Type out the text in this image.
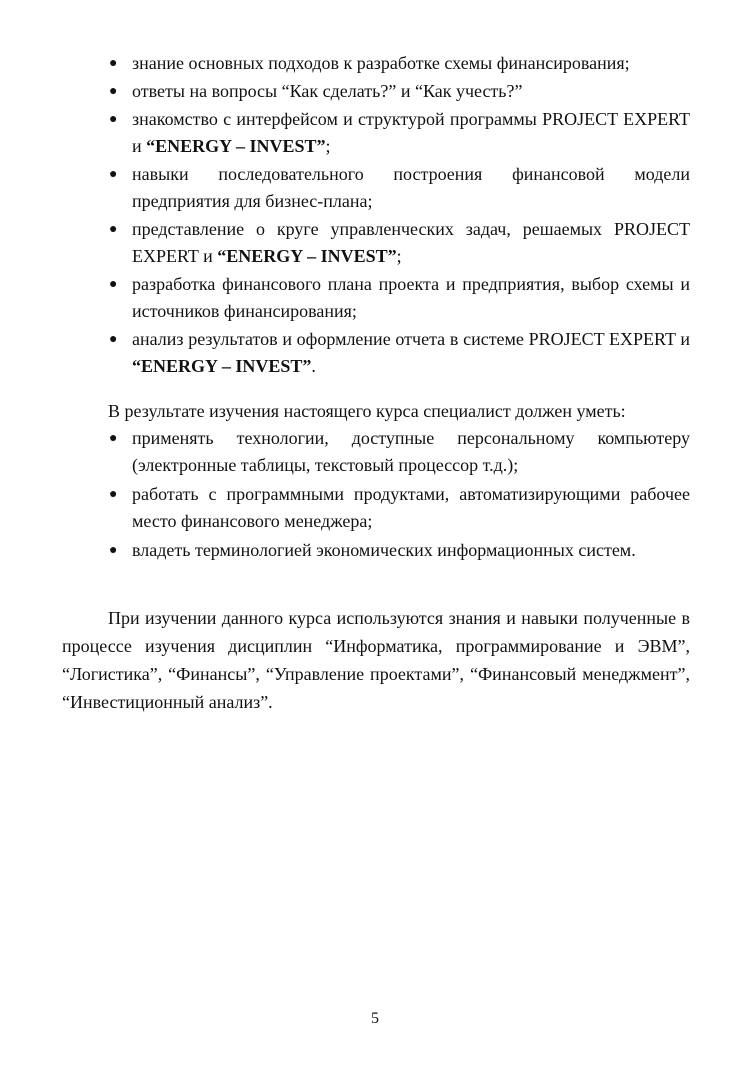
● знание основных подходов к разработке схемы финансирования;
● ответы на вопросы “Как сделать?” и “Как учесть?”
● знакомство с интерфейсом и структурой программы PROJECT EXPERT и “ENERGY – INVEST”;
● навыки последовательного построения финансовой модели предприятия для бизнес-плана;
● представление о круге управленческих задач, решаемых PROJECT EXPERT и “ENERGY – INVEST”;
● разработка финансового плана проекта и предприятия, выбор схемы и источников финансирования;
● анализ результатов и оформление отчета в системе PROJECT EXPERT и “ENERGY – INVEST”.
В результате изучения настоящего курса специалист должен уметь:
● применять технологии, доступные персональному компьютеру (электронные таблицы, текстовый процессор т.д.);
● работать с программными продуктами, автоматизирующими рабочее место финансового менеджера;
● владеть терминологией экономических информационных систем.

При изучении данного курса используются знания и навыки полученные в процессе изучения дисциплин “Информатика, программирование и ЭВМ”, “Логистика”, “Финансы”, “Управление проектами”, “Финансовый менеджмент”, “Инвестиционный анализ”.

5
